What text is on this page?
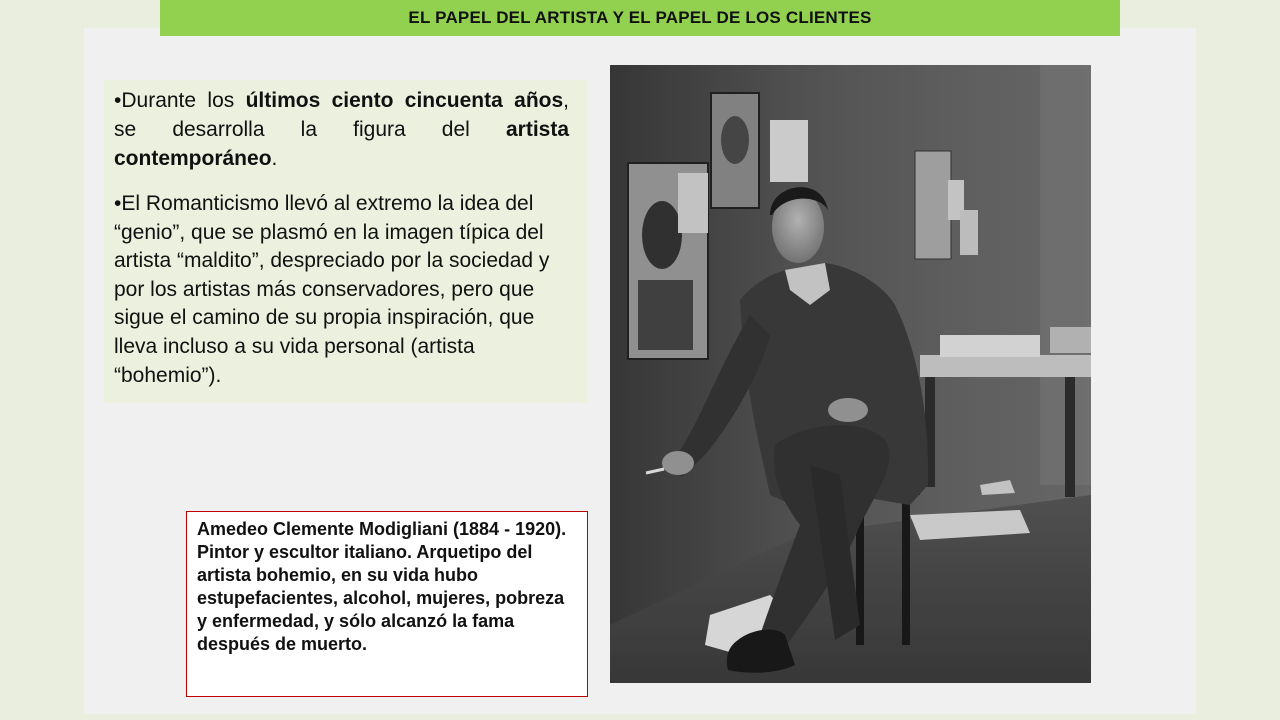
EL PAPEL DEL ARTISTA Y EL PAPEL DE LOS CLIENTES

•Durante los últimos ciento cincuenta años, se desarrolla la figura del artista contemporáneo.

•El Romanticismo llevó al extremo la idea del “genio”, que se plasmó en la imagen típica del artista “maldito”, despreciado por la sociedad y por los artistas más conservadores, pero que sigue el camino de su propia inspiración, que lleva incluso a su vida personal (artista “bohemio”).

Amedeo Clemente Modigliani (1884 - 1920). Pintor y escultor italiano. Arquetipo del artista bohemio, en su vida hubo estupefacientes, alcohol, mujeres, pobreza y enfermedad, y sólo alcanzó la fama después de muerto.
